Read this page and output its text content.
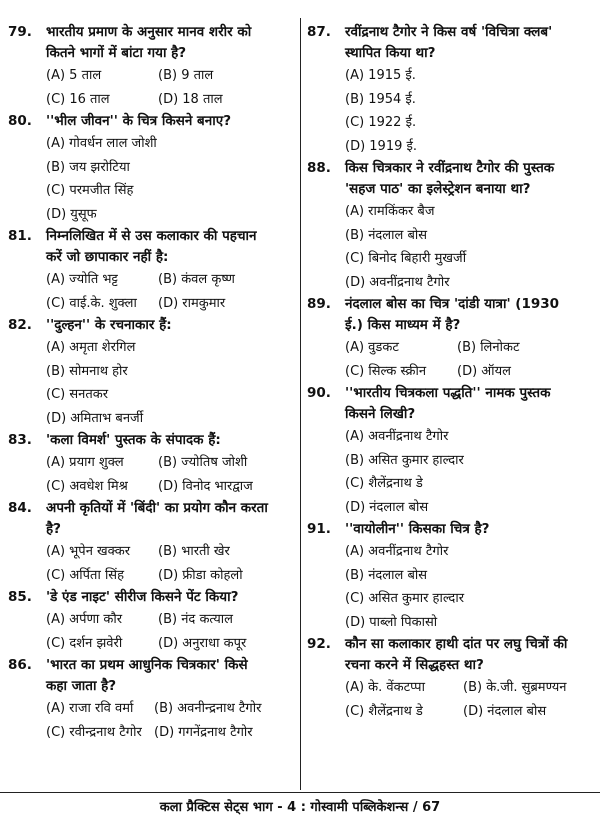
79.	भारतीय प्रमाण के अनुसार मानव शरीर को
कितने भागों में बांटा गया है?
(A) 5 ताल	(B) 9 ताल
(C) 16 ताल	(D) 18 ताल
80.	''भील जीवन'' के चित्र किसने बनाए?
(A) गोवर्धन लाल जोशी
(B) जय झरोटिया
(C) परमजीत सिंह
(D) युसूफ
81.	निम्नलिखित में से उस कलाकार की पहचान
करें जो छापाकार नहीं है:
(A) ज्योति भट्ट	(B) कंवल कृष्ण
(C) वाई.के. शुक्ला	(D) रामकुमार
82.	''दुल्हन'' के रचनाकार हैं:
(A) अमृता शेरगिल
(B) सोमनाथ होर
(C) सनतकर
(D) अमिताभ बनर्जी
83.	'कला विमर्श' पुस्तक के संपादक हैं:
(A) प्रयाग शुक्ल	(B) ज्योतिष जोशी
(C) अवधेश मिश्र	(D) विनोद भारद्वाज
84.	अपनी कृतियों में 'बिंदी' का प्रयोग कौन करता
है?
(A) भूपेन खक्कर	(B) भारती खेर
(C) अर्पिता सिंह	(D) फ्रीडा कोहलो
85.	'डे एंड नाइट' सीरीज किसने पेंट किया?
(A) अर्पणा कौर	(B) नंद कत्याल
(C) दर्शन झवेरी	(D) अनुराधा कपूर
86.	'भारत का प्रथम आधुनिक चित्रकार' किसे
कहा जाता है?
(A) राजा रवि वर्मा	(B) अवनीन्द्रनाथ टैगोर
(C) रवीन्द्रनाथ टैगोर (D) गगनेंद्रनाथ टैगोर
87.	रवींद्रनाथ टैगोर ने किस वर्ष 'विचित्रा क्लब'
स्थापित किया था?
(A) 1915 ई.
(B) 1954 ई.
(C) 1922 ई.
(D) 1919 ई.
88.	किस चित्रकार ने रवींद्रनाथ टैगोर की पुस्तक
'सहज पाठ' का इलेस्ट्रेशन बनाया था?
(A) रामकिंकर बैज
(B) नंदलाल बोस
(C) बिनोद बिहारी मुखर्जी
(D) अवनींद्रनाथ टैगोर
89.	नंदलाल बोस का चित्र 'दांडी यात्रा' (1930
ई.) किस माध्यम में है?
(A) वुडकट	(B) लिनोकट
(C) सिल्क स्क्रीन	(D) ऑयल
90.	''भारतीय चित्रकला पद्धति'' नामक पुस्तक
किसने लिखी?
(A) अवनींद्रनाथ टैगोर
(B) असित कुमार हाल्दार
(C) शैलेंद्रनाथ डे
(D) नंदलाल बोस
91.	''वायोलीन'' किसका चित्र है?
(A) अवनींद्रनाथ टैगोर
(B) नंदलाल बोस
(C) असित कुमार हाल्दार
(D) पाब्लो पिकासो
92.	कौन सा कलाकार हाथी दांत पर लघु चित्रों की
रचना करने में सिद्धहस्त था?
(A) के. वेंकटप्पा	(B) के.जी. सुब्रमण्यन
(C) शैलेंद्रनाथ डे	(D) नंदलाल बोस
कला प्रैक्टिस सेट्स भाग - 4 : गोस्वामी पब्लिकेशन्स / 67
